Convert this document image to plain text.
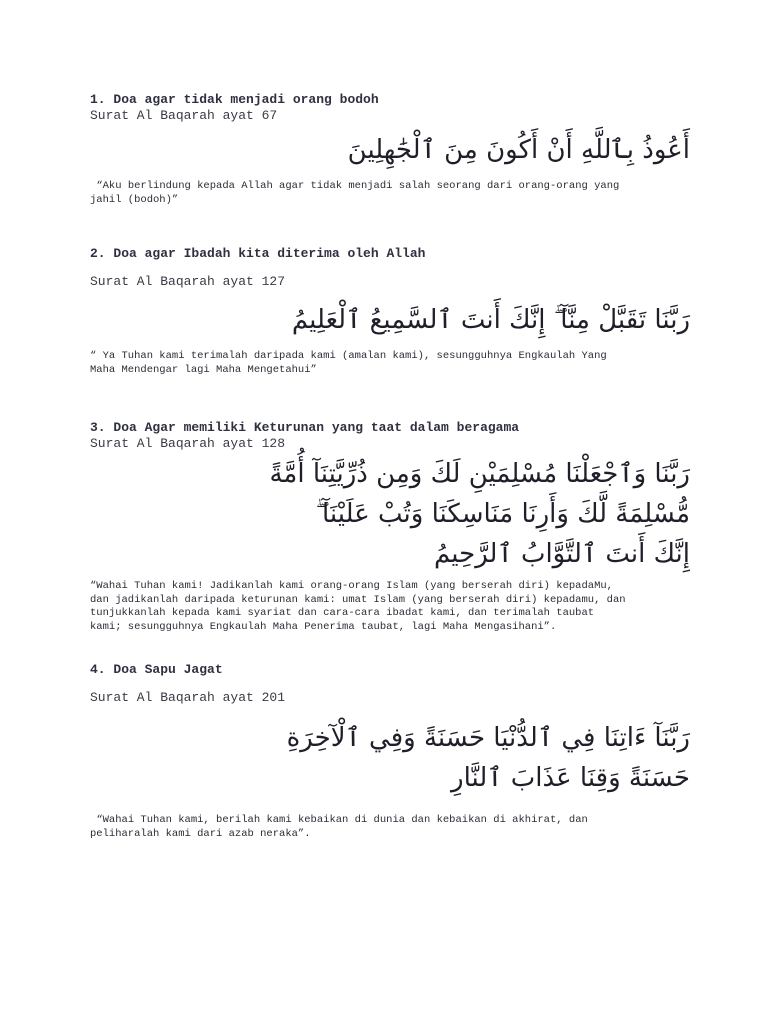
1. Doa agar tidak menjadi orang bodoh
Surat Al Baqarah ayat 67
أَعُوذُ بِٱللَّهِ أَنْ أَكُونَ مِنَ ٱلْجَٰهِلِينَ
“Aku berlindung kepada Allah agar tidak menjadi salah seorang dari orang-orang yang
jahil (bodoh)”
2. Doa agar Ibadah kita diterima oleh Allah
Surat Al Baqarah ayat 127
رَبَّنَا تَقَبَّلْ مِنَّآ ۖ إِنَّكَ أَنتَ ٱلسَّمِيعُ ٱلْعَلِيمُ
“ Ya Tuhan kami terimalah daripada kami (amalan kami), sesungguhnya Engkaulah Yang
Maha Mendengar lagi Maha Mengetahui”
3. Doa Agar memiliki Keturunan yang taat dalam beragama
Surat Al Baqarah ayat 128
رَبَّنَا وَٱجْعَلْنَا مُسْلِمَيْنِ لَكَ وَمِن ذُرِّيَّتِنَآ أُمَّةً
مُّسْلِمَةً لَّكَ وَأَرِنَا مَنَاسِكَنَا وَتُبْ عَلَيْنَآ ۖ
إِنَّكَ أَنتَ ٱلتَّوَّابُ ٱلرَّحِيمُ
“Wahai Tuhan kami! Jadikanlah kami orang-orang Islam (yang berserah diri) kepadaMu,
dan jadikanlah daripada keturunan kami: umat Islam (yang berserah diri) kepadamu, dan
tunjukkanlah kepada kami syariat dan cara-cara ibadat kami, dan terimalah taubat
kami; sesungguhnya Engkaulah Maha Penerima taubat, lagi Maha Mengasihani”.
4. Doa Sapu Jagat
Surat Al Baqarah ayat 201
رَبَّنَآ ءَاتِنَا فِي ٱلدُّنْيَا حَسَنَةً وَفِي ٱلْآخِرَةِ
حَسَنَةً وَقِنَا عَذَابَ ٱلنَّارِ
“Wahai Tuhan kami, berilah kami kebaikan di dunia dan kebaikan di akhirat, dan
peliharalah kami dari azab neraka”.
